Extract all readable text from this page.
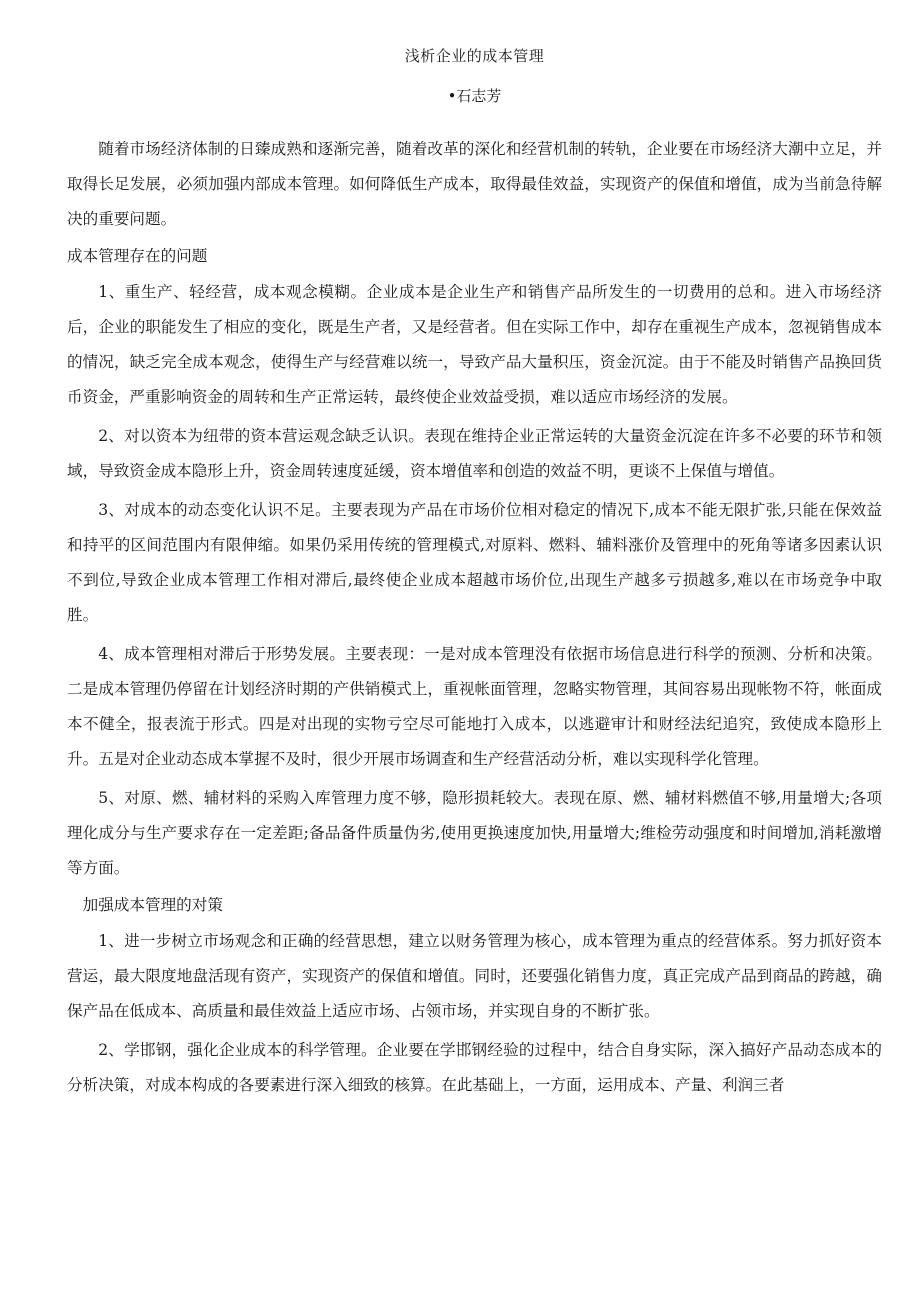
浅析企业的成本管理
•石志芳

随着市场经济体制的日臻成熟和逐渐完善，随着改革的深化和经营机制的转轨，企业要在市场经济大潮中立足，并取得长足发展，必须加强内部成本管理。如何降低生产成本，取得最佳效益，实现资产的保值和增值，成为当前急待解决的重要问题。

成本管理存在的问题

1、重生产、轻经营，成本观念模糊。企业成本是企业生产和销售产品所发生的一切费用的总和。进入市场经济后，企业的职能发生了相应的变化，既是生产者，又是经营者。但在实际工作中，却存在重视生产成本，忽视销售成本的情况，缺乏完全成本观念，使得生产与经营难以统一，导致产品大量积压，资金沉淀。由于不能及时销售产品换回货币资金，严重影响资金的周转和生产正常运转，最终使企业效益受损，难以适应市场经济的发展。

2、对以资本为纽带的资本营运观念缺乏认识。表现在维持企业正常运转的大量资金沉淀在许多不必要的环节和领域，导致资金成本隐形上升，资金周转速度延缓，资本增值率和创造的效益不明，更谈不上保值与增值。

3、对成本的动态变化认识不足。主要表现为产品在市场价位相对稳定的情况下,成本不能无限扩张,只能在保效益和持平的区间范围内有限伸缩。如果仍采用传统的管理模式,对原料、燃料、辅料涨价及管理中的死角等诸多因素认识不到位,导致企业成本管理工作相对滞后,最终使企业成本超越市场价位,出现生产越多亏损越多,难以在市场竞争中取胜。

4、成本管理相对滞后于形势发展。主要表现：一是对成本管理没有依据市场信息进行科学的预测、分析和决策。二是成本管理仍停留在计划经济时期的产供销模式上，重视帐面管理，忽略实物管理，其间容易出现帐物不符，帐面成本不健全，报表流于形式。四是对出现的实物亏空尽可能地打入成本，以逃避审计和财经法纪追究，致使成本隐形上升。五是对企业动态成本掌握不及时，很少开展市场调查和生产经营活动分析，难以实现科学化管理。

5、对原、燃、辅材料的采购入库管理力度不够，隐形损耗较大。表现在原、燃、辅材料燃值不够,用量增大;各项理化成分与生产要求存在一定差距;备品备件质量伪劣,使用更换速度加快,用量增大;维检劳动强度和时间增加,消耗激增等方面。

加强成本管理的对策

1、进一步树立市场观念和正确的经营思想，建立以财务管理为核心，成本管理为重点的经营体系。努力抓好资本营运，最大限度地盘活现有资产，实现资产的保值和增值。同时，还要强化销售力度，真正完成产品到商品的跨越，确保产品在低成本、高质量和最佳效益上适应市场、占领市场，并实现自身的不断扩张。

2、学邯钢，强化企业成本的科学管理。企业要在学邯钢经验的过程中，结合自身实际，深入搞好产品动态成本的分析决策，对成本构成的各要素进行深入细致的核算。在此基础上，一方面，运用成本、产量、利润三者
